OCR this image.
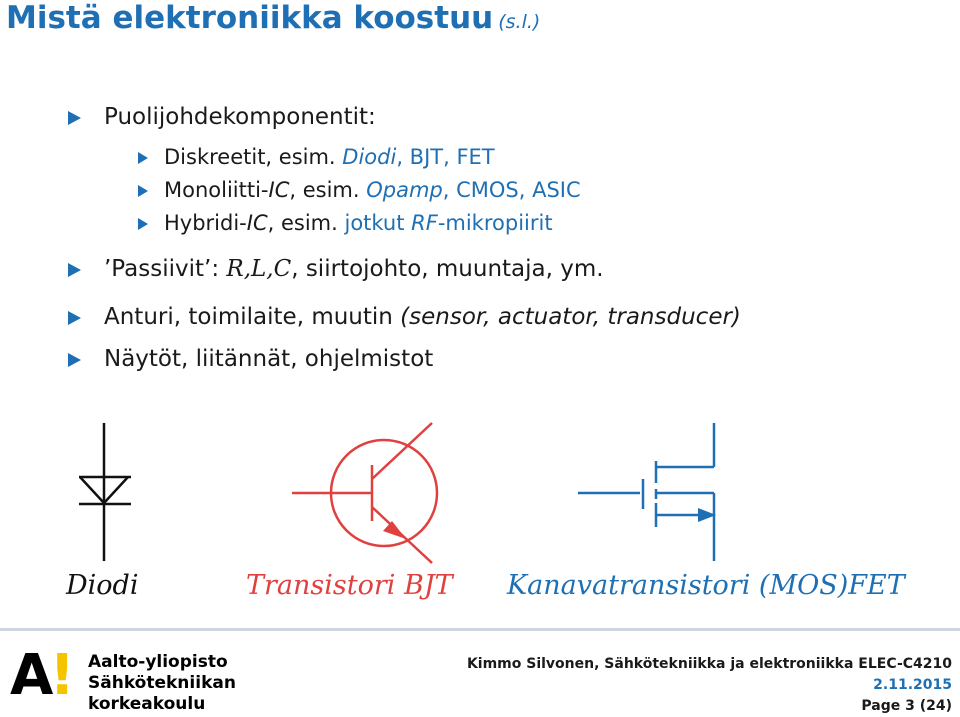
Mistä elektroniikka koostuu (s.l.)
Puolijohdekomponentit:
Diskreetit, esim. Diodi, BJT, FET
Monoliitti-IC, esim. Opamp, CMOS, ASIC
Hybridi-IC, esim. jotkut RF-mikropiirit
’Passiivit’: R,L,C, siirtojohto, muuntaja, ym.
Anturi, toimilaite, muutin (sensor, actuator, transducer)
Näytöt, liitännät, ohjelmistot
Diodi	Transistori BJT Kanavatransistori (MOS)FET
A! Aalto-yliopisto
Sähkötekniikan
korkeakoulu
Kimmo Silvonen, Sähkötekniikka ja elektroniikka ELEC-C4210
2.11.2015
Page 3 (24)
